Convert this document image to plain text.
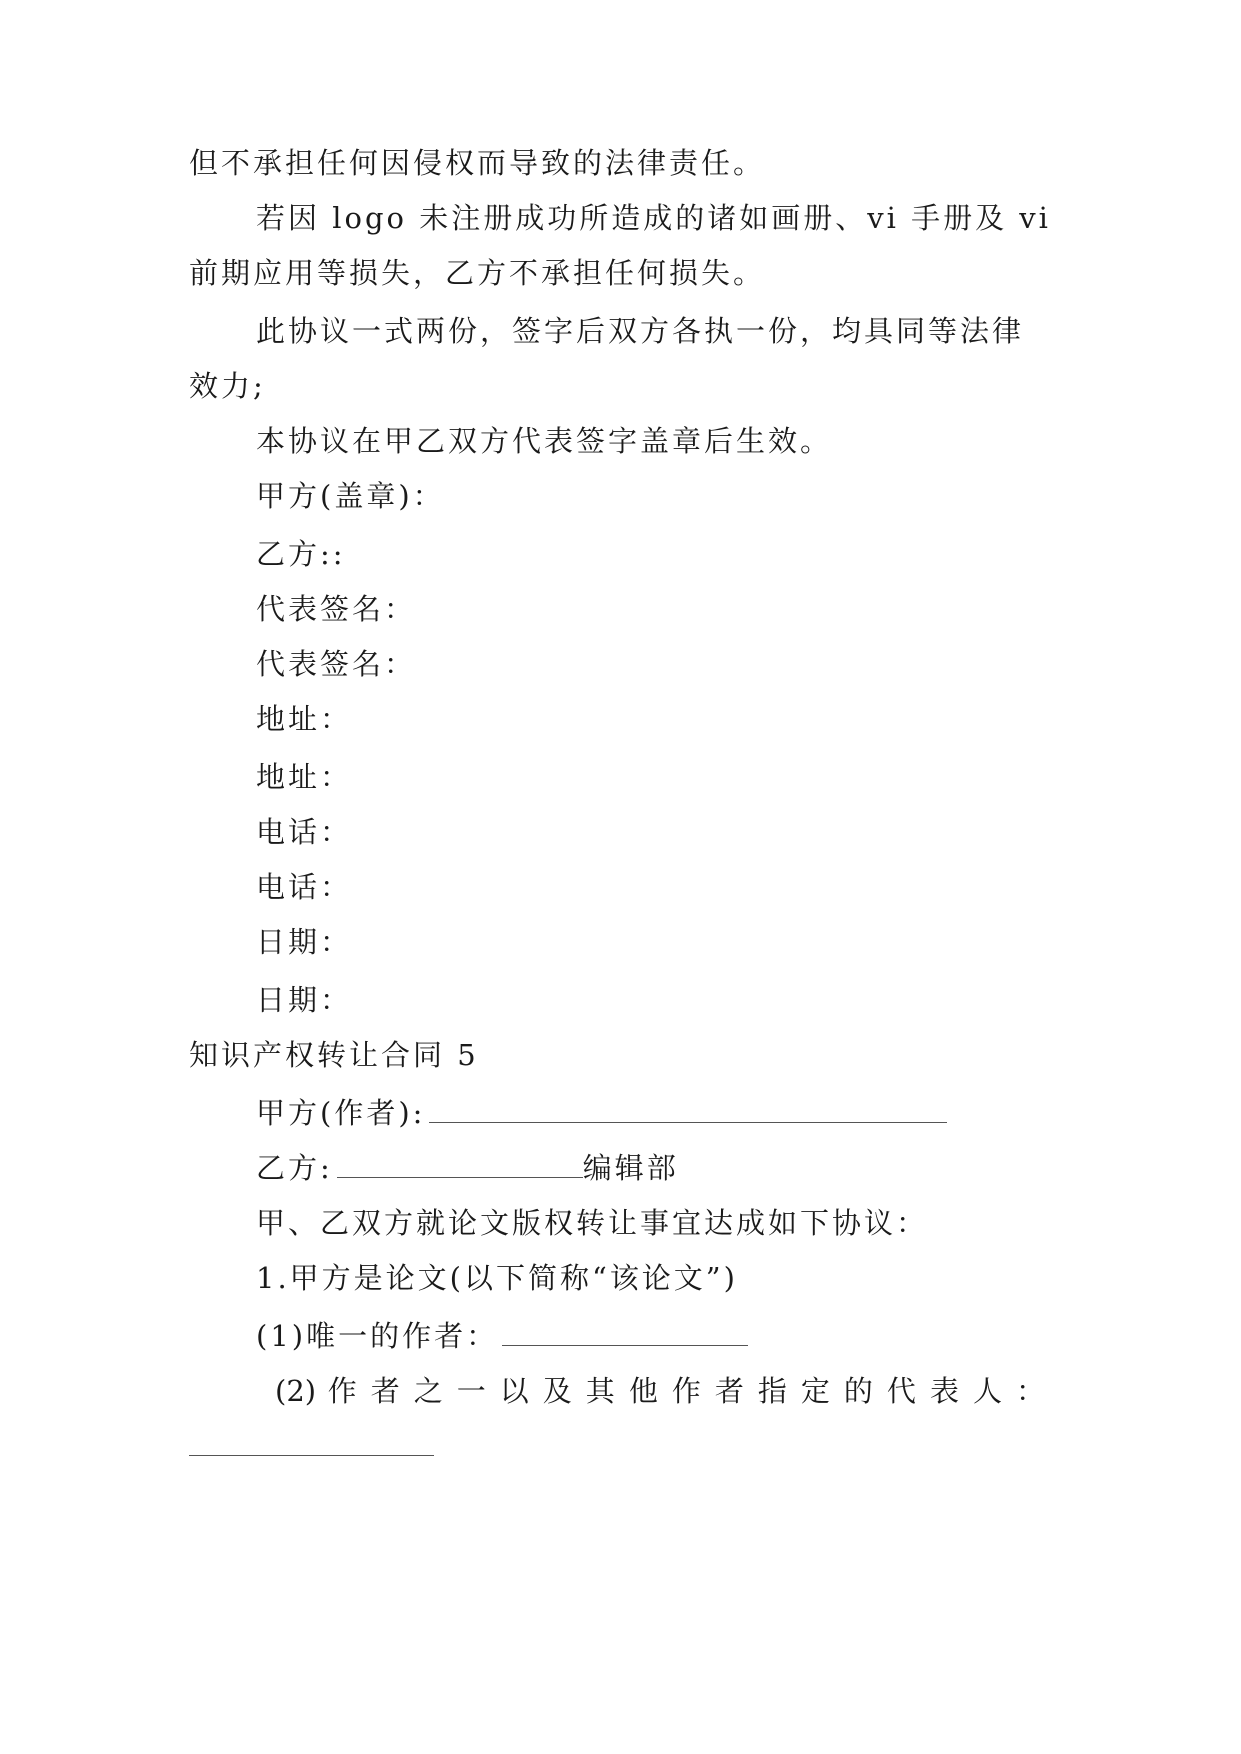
但不承担任何因侵权而导致的法律责任。
若因 logo 未注册成功所造成的诸如画册、vi 手册及 vi
前期应用等损失，乙方不承担任何损失。
此协议一式两份，签字后双方各执一份，均具同等法律
效力;
本协议在甲乙双方代表签字盖章后生效。
甲方(盖章)：
乙方::
代表签名：
代表签名：
地址：
地址：
电话：
电话：
日期：
日期：
知识产权转让合同 5
甲方(作者):
乙方:	编辑部
甲、乙双方就论文版权转让事宜达成如下协议：
1.甲方是论文(以下简称“该论文”)
(1)唯一的作者：
(2) 作 者 之 一 以 及 其 他 作 者 指 定 的 代 表 人 ：
